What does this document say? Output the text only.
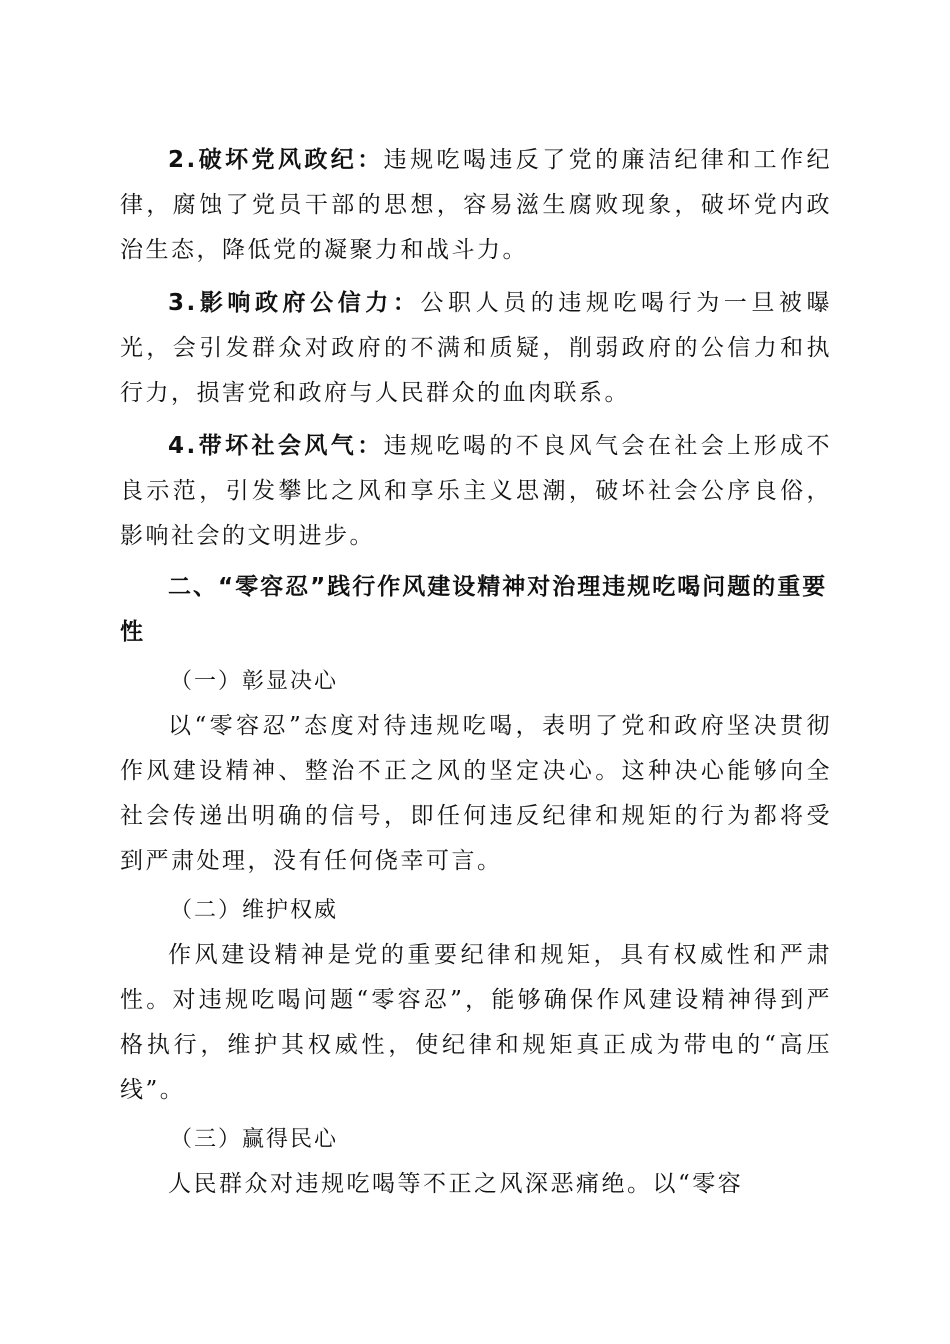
2.破坏党风政纪：违规吃喝违反了党的廉洁纪律和工作纪律，腐蚀了党员干部的思想，容易滋生腐败现象，破坏党内政治生态，降低党的凝聚力和战斗力。

3.影响政府公信力：公职人员的违规吃喝行为一旦被曝光，会引发群众对政府的不满和质疑，削弱政府的公信力和执行力，损害党和政府与人民群众的血肉联系。

4.带坏社会风气：违规吃喝的不良风气会在社会上形成不良示范，引发攀比之风和享乐主义思潮，破坏社会公序良俗，影响社会的文明进步。

二、“零容忍”践行作风建设精神对治理违规吃喝问题的重要性
（一）彰显决心

以“零容忍”态度对待违规吃喝，表明了党和政府坚决贯彻作风建设精神、整治不正之风的坚定决心。这种决心能够向全社会传递出明确的信号，即任何违反纪律和规矩的行为都将受到严肃处理，没有任何侥幸可言。

（二）维护权威

作风建设精神是党的重要纪律和规矩，具有权威性和严肃性。对违规吃喝问题“零容忍”，能够确保作风建设精神得到严格执行，维护其权威性，使纪律和规矩真正成为带电的“高压线”。

（三）赢得民心

人民群众对违规吃喝等不正之风深恶痛绝。以“零容
